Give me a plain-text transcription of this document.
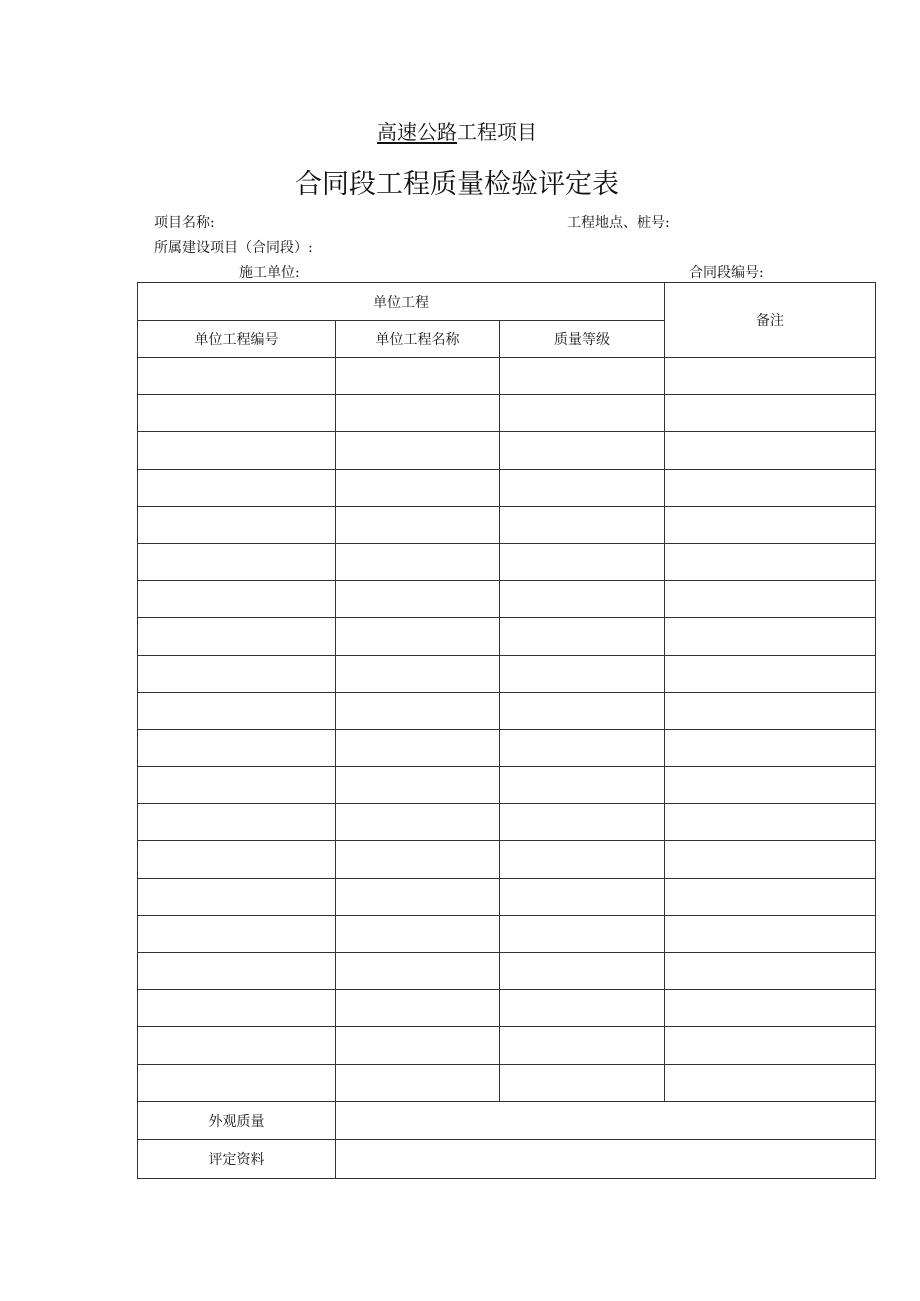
高速公路工程项目
合同段工程质量检验评定表
项目名称:	工程地点、桩号:
所属建设项目（合同段）:
施工单位:	合同段编号:
单位工程			备注
单位工程编号	单位工程名称	质量等级	

外观质量			
评定资料			
